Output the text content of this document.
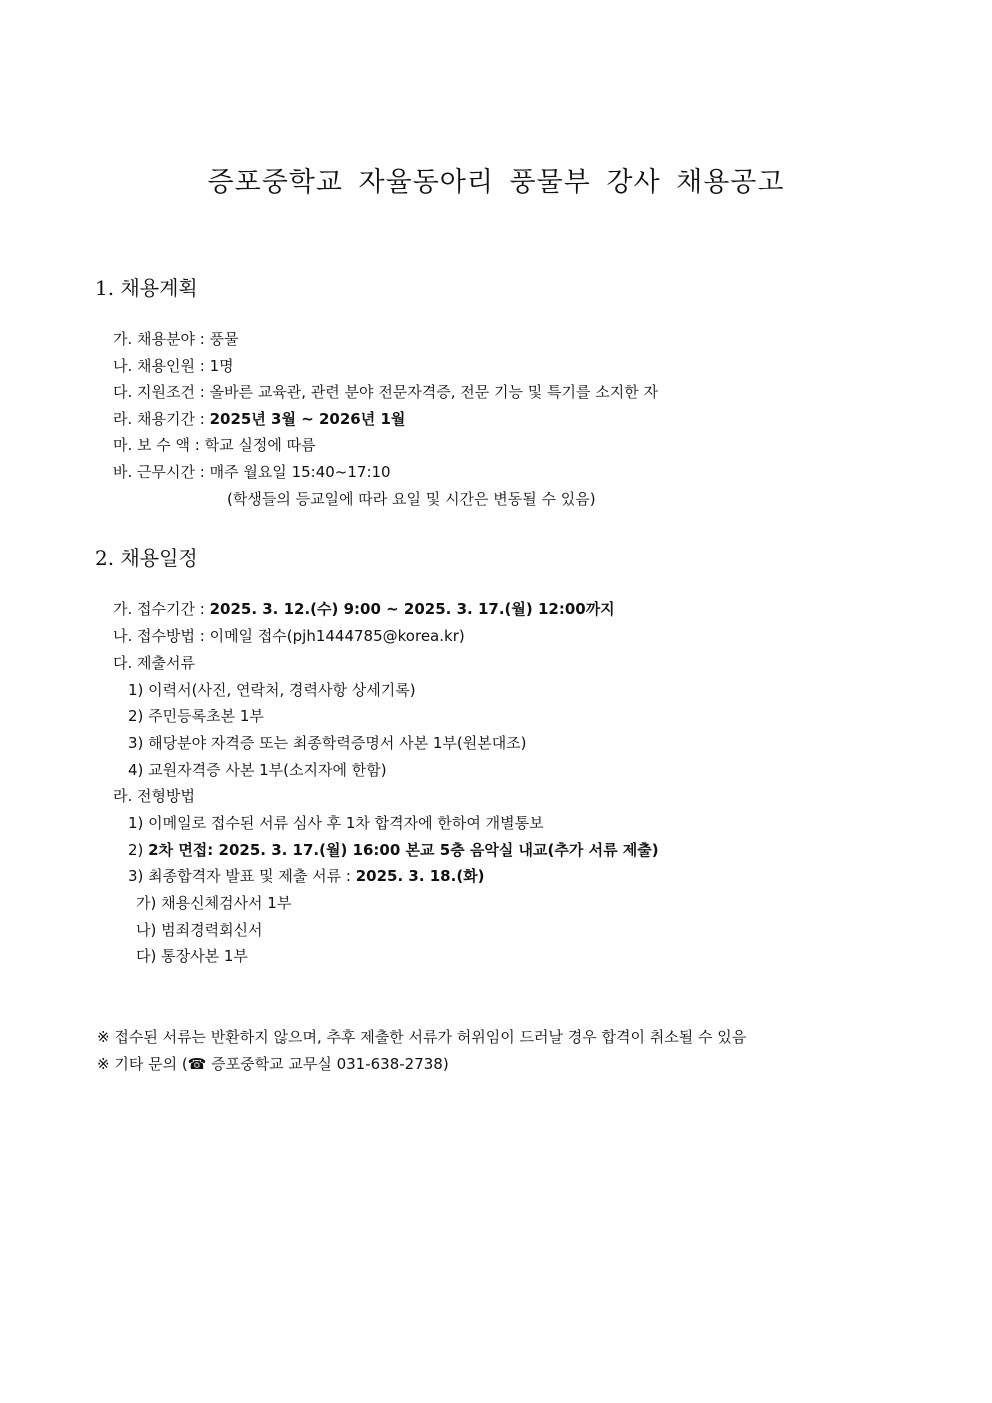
증포중학교 자율동아리 풍물부 강사 채용공고
1. 채용계획
가. 채용분야 : 풍물
나. 채용인원 : 1명
다. 지원조건 : 올바른 교육관, 관련 분야 전문자격증, 전문 기능 및 특기를 소지한 자
라. 채용기간 : 2025년 3월 ~ 2026년 1월
마. 보 수 액 : 학교 실정에 따름
바. 근무시간 : 매주 월요일 15:40~17:10
(학생들의 등교일에 따라 요일 및 시간은 변동될 수 있음)
2. 채용일정
가. 접수기간 : 2025. 3. 12.(수) 9:00 ~ 2025. 3. 17.(월) 12:00까지
나. 접수방법 : 이메일 접수(pjh1444785@korea.kr)
다. 제출서류
1) 이력서(사진, 연락처, 경력사항 상세기록)
2) 주민등록초본 1부
3) 해당분야 자격증 또는 최종학력증명서 사본 1부(원본대조)
4) 교원자격증 사본 1부(소지자에 한함)
라. 전형방법
1) 이메일로 접수된 서류 심사 후 1차 합격자에 한하여 개별통보
2) 2차 면접: 2025. 3. 17.(월) 16:00 본교 5층 음악실 내교(추가 서류 제출)
3) 최종합격자 발표 및 제출 서류 : 2025. 3. 18.(화)
가) 채용신체검사서 1부
나) 범죄경력회신서
다) 통장사본 1부
※ 접수된 서류는 반환하지 않으며, 추후 제출한 서류가 허위임이 드러날 경우 합격이 취소될 수 있음
※ 기타 문의 (☎ 증포중학교 교무실 031-638-2738)
